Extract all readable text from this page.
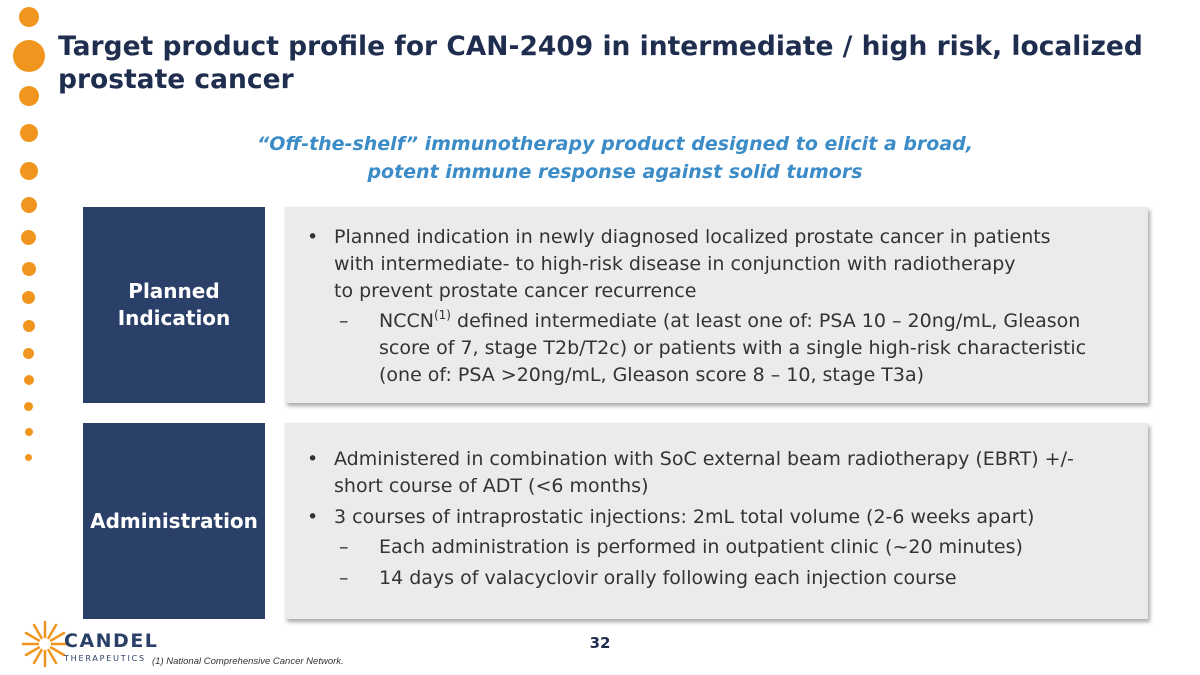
Target product profile for CAN-2409 in intermediate / high risk, localized prostate cancer
“Off-the-shelf” immunotherapy product designed to elicit a broad,
potent immune response against solid tumors
Planned
Indication
• Planned indication in newly diagnosed localized prostate cancer in patients
with intermediate- to high-risk disease in conjunction with radiotherapy
to prevent prostate cancer recurrence
– NCCN$^{(1)}$ defined intermediate (at least one of: PSA 10 – 20ng/mL, Gleason
score of 7, stage T2b/T2c) or patients with a single high-risk characteristic
(one of: PSA >20ng/mL, Gleason score 8 – 10, stage T3a)
Administration
• Administered in combination with SoC external beam radiotherapy (EBRT) +/-
short course of ADT (<6 months)
• 3 courses of intraprostatic injections: 2mL total volume (2-6 weeks apart)
– Each administration is performed in outpatient clinic (~20 minutes)
– 14 days of valacyclovir orally following each injection course
CANDEL
THERAPEUTICS (1) National Comprehensive Cancer Network.
32
